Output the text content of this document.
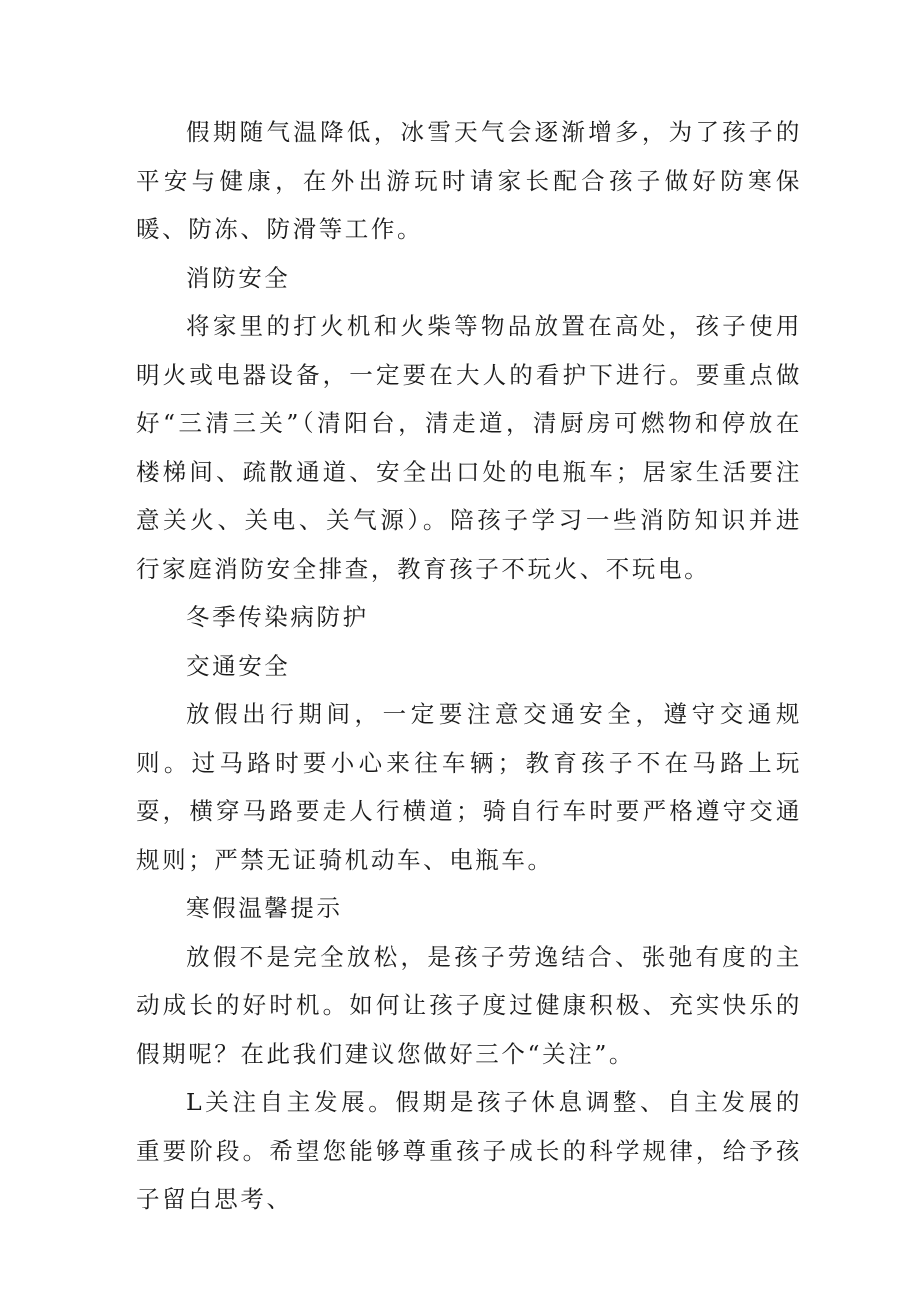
假期随气温降低，冰雪天气会逐渐增多，为了孩子的平安与健康，在外出游玩时请家长配合孩子做好防寒保暖、防冻、防滑等工作。

消防安全

将家里的打火机和火柴等物品放置在高处，孩子使用明火或电器设备，一定要在大人的看护下进行。要重点做好“三清三关”（清阳台，清走道，清厨房可燃物和停放在楼梯间、疏散通道、安全出口处的电瓶车；居家生活要注意关火、关电、关气源）。陪孩子学习一些消防知识并进行家庭消防安全排查，教育孩子不玩火、不玩电。

冬季传染病防护

交通安全

放假出行期间，一定要注意交通安全，遵守交通规则。过马路时要小心来往车辆；教育孩子不在马路上玩耍，横穿马路要走人行横道；骑自行车时要严格遵守交通规则；严禁无证骑机动车、电瓶车。

寒假温馨提示

放假不是完全放松，是孩子劳逸结合、张弛有度的主动成长的好时机。如何让孩子度过健康积极、充实快乐的假期呢？在此我们建议您做好三个“关注”。

L关注自主发展。假期是孩子休息调整、自主发展的重要阶段。希望您能够尊重孩子成长的科学规律，给予孩子留白思考、
